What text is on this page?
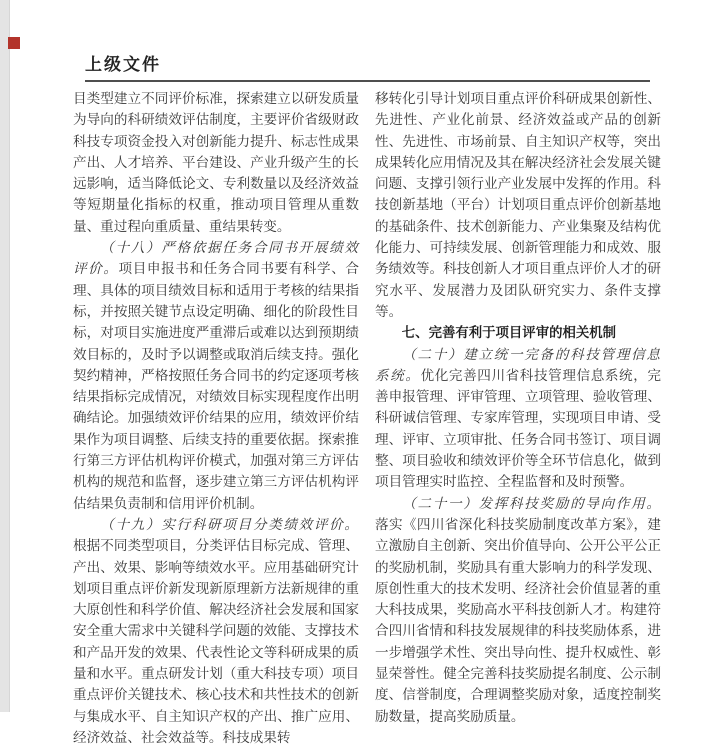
上级文件

目类型建立不同评价标准，探索建立以研发质量为导向的科研绩效评估制度，主要评价省级财政科技专项资金投入对创新能力提升、标志性成果产出、人才培养、平台建设、产业升级产生的长远影响，适当降低论文、专利数量以及经济效益等短期量化指标的权重，推动项目管理从重数量、重过程向重质量、重结果转变。

（十八）严格依据任务合同书开展绩效评价。项目申报书和任务合同书要有科学、合理、具体的项目绩效目标和适用于考核的结果指标，并按照关键节点设定明确、细化的阶段性目标，对项目实施进度严重滞后或难以达到预期绩效目标的，及时予以调整或取消后续支持。强化契约精神，严格按照任务合同书的约定逐项考核结果指标完成情况，对绩效目标实现程度作出明确结论。加强绩效评价结果的应用，绩效评价结果作为项目调整、后续支持的重要依据。探索推行第三方评估机构评价模式，加强对第三方评估机构的规范和监督，逐步建立第三方评估机构评估结果负责制和信用评价机制。

（十九）实行科研项目分类绩效评价。根据不同类型项目，分类评估目标完成、管理、产出、效果、影响等绩效水平。应用基础研究计划项目重点评价新发现新原理新方法新规律的重大原创性和科学价值、解决经济社会发展和国家安全重大需求中关键科学问题的效能、支撑技术和产品开发的效果、代表性论文等科研成果的质量和水平。重点研发计划（重大科技专项）项目重点评价关键技术、核心技术和共性技术的创新与集成水平、自主知识产权的产出、推广应用、经济效益、社会效益等。科技成果转

移转化引导计划项目重点评价科研成果创新性、先进性、产业化前景、经济效益或产品的创新性、先进性、市场前景、自主知识产权等，突出成果转化应用情况及其在解决经济社会发展关键问题、支撑引领行业产业发展中发挥的作用。科技创新基地（平台）计划项目重点评价创新基地的基础条件、技术创新能力、产业集聚及结构优化能力、可持续发展、创新管理能力和成效、服务绩效等。科技创新人才项目重点评价人才的研究水平、发展潜力及团队研究实力、条件支撑等。

七、完善有利于项目评审的相关机制

（二十）建立统一完备的科技管理信息系统。优化完善四川省科技管理信息系统，完善申报管理、评审管理、立项管理、验收管理、科研诚信管理、专家库管理，实现项目申请、受理、评审、立项审批、任务合同书签订、项目调整、项目验收和绩效评价等全环节信息化，做到项目管理实时监控、全程监督和及时预警。

（二十一）发挥科技奖励的导向作用。落实《四川省深化科技奖励制度改革方案》，建立激励自主创新、突出价值导向、公开公平公正的奖励机制，奖励具有重大影响力的科学发现、原创性重大的技术发明、经济社会价值显著的重大科技成果，奖励高水平科技创新人才。构建符合四川省情和科技发展规律的科技奖励体系，进一步增强学术性、突出导向性、提升权威性、彰显荣誉性。健全完善科技奖励提名制度、公示制度、信誉制度，合理调整奖励对象，适度控制奖励数量，提高奖励质量。
